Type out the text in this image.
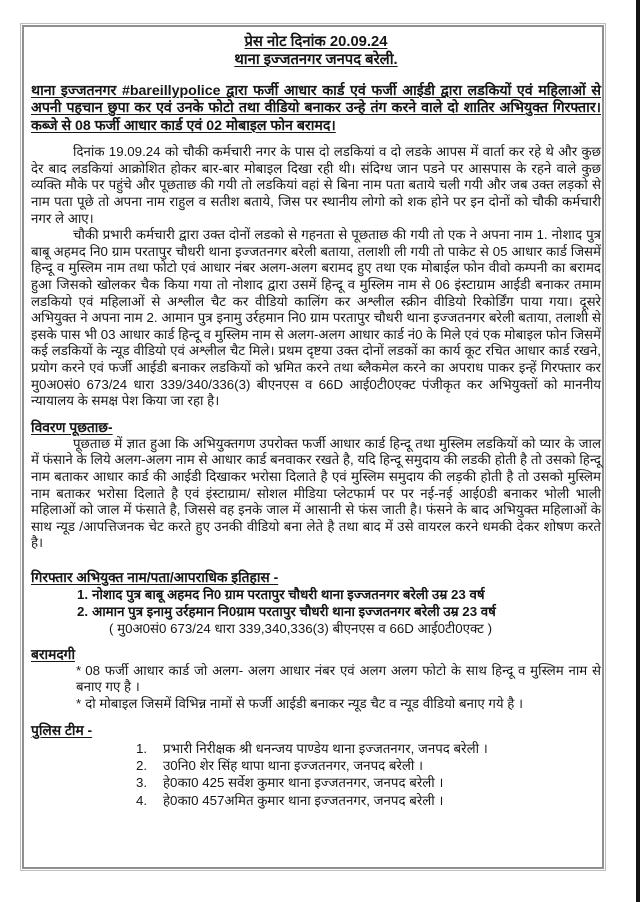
प्रेस नोट दिनांक 20.09.24
थाना इज्जतनगर जनपद बरेली.

थाना इज्जतनगर #bareillypolice द्वारा फर्जी आधार कार्ड एवं फर्जी आईडी द्वारा लडकियों एवं महिलाओं से अपनी पहचान छुपा कर एवं उनके फोटो तथा वीडियो बनाकर उन्हे तंग करने वाले दो शातिर अभियुक्त गिरफ्तार। कब्जे से 08 फर्जी आधार कार्ड एवं 02 मोबाइल फोन बरामद।

दिनांक 19.09.24 को चौकी कर्मचारी नगर के पास दो लडकियां व दो लडके आपस में वार्ता कर रहे थे और कुछ देर बाद लडकियां आक्रोशित होकर बार-बार मोबाइल दिखा रही थी। संदिग्ध जान पडने पर आसपास के रहने वाले कुछ व्यक्ति मौके पर पहुंचे और पूछताछ की गयी तो लडकियां वहां से बिना नाम पता बताये चली गयी और जब उक्त लड़को से नाम पता पूछे तो अपना नाम राहुल व सतीश बताये, जिस पर स्थानीय लोगो को शक होने पर इन दोनों को चौकी कर्मचारी नगर ले आए।

चौकी प्रभारी कर्मचारी द्वारा उक्त दोनों लडको से गहनता से पूछताछ की गयी तो एक ने अपना नाम 1. नोशाद पुत्र बाबू अहमद नि0 ग्राम परतापुर चौधरी थाना इज्जतनगर बरेली बताया, तलाशी ली गयी तो पाकेट से 05 आधार कार्ड जिसमें हिन्दू व मुस्लिम नाम तथा फोटो एवं आधार नंबर अलग-अलग बरामद हुए तथा एक मोबाईल फोन वीवो कम्पनी का बरामद हुआ जिसको खोलकर चैक किया गया तो नोशाद द्वारा उसमें हिन्दू व मुस्लिम नाम से 06 इंस्टाग्राम आईडी बनाकर तमाम लडकियो एवं महिलाओं से अश्लील चैट कर वीडियो कालिंग कर अश्लील स्क्रीन वीडियो रिकोर्डिंग पाया गया। दूसरे अभियुक्त ने अपना नाम 2. आमान पुत्र इनामु उर्रहमान नि0 ग्राम परतापुर चौधरी थाना इज्जतनगर बरेली बताया, तलाशी से इसके पास भी 03 आधार कार्ड हिन्दू व मुस्लिम नाम से अलग-अलग आधार कार्ड नं0 के मिले एवं एक मोबाइल फोन जिसमें कई लडकियों के न्यूड वीडियो एवं अश्लील चैट मिले। प्रथम दृष्टया उक्त दोनों लडकों का कार्य कूट रचित आधार कार्ड रखने, प्रयोग करने एवं फर्जी आईडी बनाकर लडकियों को भ्रमित करने तथा ब्लैकमेल करने का अपराध पाकर इन्हें गिरफ्तार कर मु0अ0सं0 673/24 धारा 339/340/336(3) बीएनएस व 66D आई0टी0एक्ट पंजीकृत कर अभियुक्तों को माननीय न्यायालय के समक्ष पेश किया जा रहा है।

विवरण पूछताछ-

पूछताछ में ज्ञात हुआ कि अभियुक्तगण उपरोक्त फर्जी आधार कार्ड हिन्दू तथा मुस्लिम लडकियों को प्यार के जाल में फंसाने के लिये अलग-अलग नाम से आधार कार्ड बनवाकर रखते है, यदि हिन्दू समुदाय की लडकी होती है तो उसको हिन्दू नाम बताकर आधार कार्ड की आईडी दिखाकर भरोसा दिलाते है एवं मुस्लिम समुदाय की लड़की होती है तो उसको मुस्लिम नाम बताकर भरोसा दिलाते है एवं इंस्टाग्राम/ सोशल मीडिया प्लेटफार्म पर पर नई-नई आई0डी बनाकर भोली भाली महिलाओं को जाल में फंसाते है, जिससे वह इनके जाल में आसानी से फंस जाती है। फंसने के बाद अभियुक्त महिलाओं के साथ न्यूड /आपत्तिजनक चेट करते हुए उनकी वीडियो बना लेते है तथा बाद में उसे वायरल करने धमकी देकर शोषण करते है।

गिरफ्तार अभियुक्त नाम/पता/आपराधिक इतिहास -
1. नोशाद पुत्र बाबू अहमद नि0 ग्राम परतापुर चौधरी थाना इज्जतनगर बरेली उम्र 23 वर्ष
2. आमान पुत्र इनामु उर्रहमान नि0ग्राम परतापुर चौधरी थाना इज्जतनगर बरेली उम्र 23 वर्ष
( मु0अ0सं0 673/24 धारा 339,340,336(3) बीएनएस व 66D आई0टी0एक्ट )
बरामदगी
* 08 फर्जी आधार कार्ड जो अलग- अलग आधार नंबर एवं अलग अलग फोटो के साथ हिन्दू व मुस्लिम नाम से बनाए गए है ।
* दो मोबाइल जिसमें विभिन्न नामों से फर्जी आईडी बनाकर न्यूड चैट व न्यूड वीडियो बनाए गये है ।
पुलिस टीम -
1.	प्रभारी निरीक्षक श्री धनन्जय पाण्डेय थाना इज्जतनगर, जनपद बरेली ।
2.	उ0नि0 शेर सिंह थापा थाना इज्जतनगर, जनपद बरेली ।
3.	हे0का0 425 सर्वेश कुमार थाना इज्जतनगर, जनपद बरेली ।
4.	हे0का0 457अमित कुमार थाना इज्जतनगर, जनपद बरेली ।
